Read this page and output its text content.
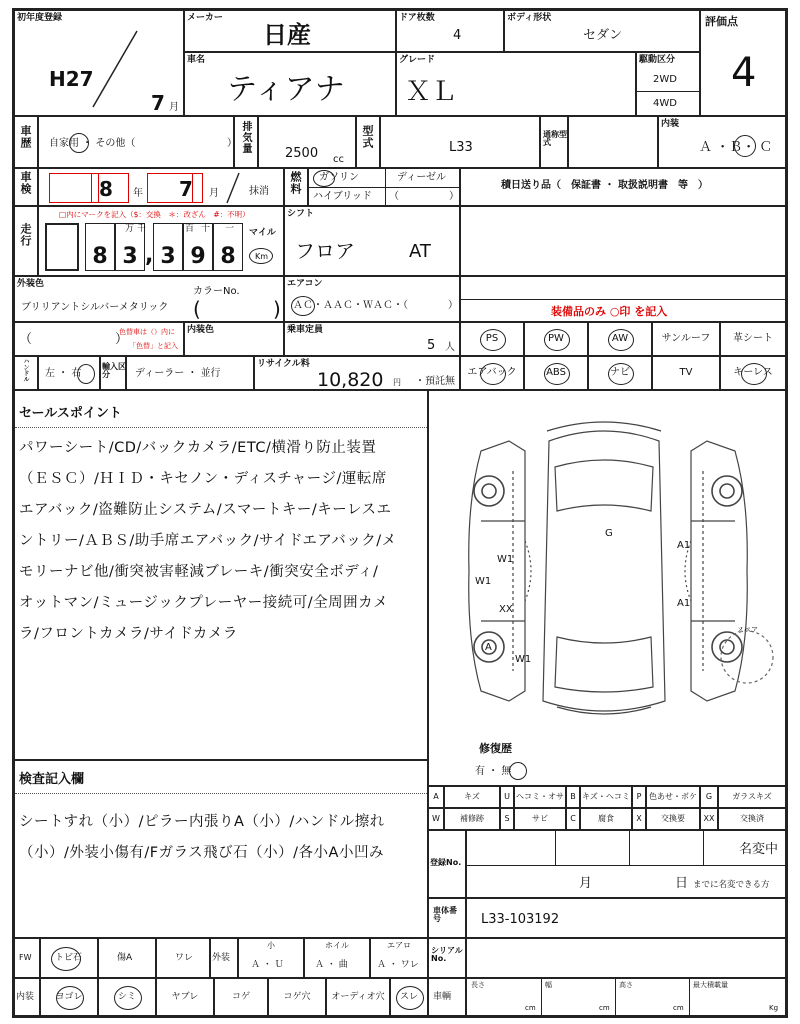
初年度登録
H27
7 月
メーカー
日産
ドア枚数
4
ボディ形状
セダン
評価点
4
車名
ティアナ
グレード
ＸＬ
駆動区分
2WD
4WD
車歴 自家用 ・ その他（	） 排気量	2500 cc
型式	L33
通称型式
内装
Ａ ・Ｂ・ Ｃ
車検	8 年 7 月	抹消 燃料 ガソリン	ディーゼル
ハイブリッド （　　　　　）
積日送り品（　保証書 ・ 取扱説明書　等　）
走行
□内にマークを記入（$：交換　＊：改ざん　#：不明）
8 3 3 9 8
万 千	百 十 一
,
マイル
Km
シフト
フロア	AT
外装色
ブリリアントシルバーメタリック
カラーNo.
(	)
エアコン
ＡＣ・ＡＡＣ・ＷＡＣ・（　　　　）	装備品のみ ○印 を記入
（	）
色替車は（）内に
「色替」と記入
内装色	乗車定員
5 人
PS	PW	AW	サンルーフ	革シート
エアバック	ABS	ナビ	TV	キーレス
ハンドル 左 ・ 右
輸入区分	ディーラー ・ 並行
リサイクル料
10,820 円 ・預託無
セールスポイント
パワーシート/CD/バックカメラ/ETC/横滑り防止装置
（ＥＳＣ）/ＨＩＤ・キセノン・ディスチャージ/運転席
エアバック/盗難防止システム/スマートキー/キーレスエ
ントリー/ＡＢＳ/助手席エアバック/サイドエアバック/メ
モリーナビ他/衝突被害軽減ブレーキ/衝突安全ボディ/
オットマン/ミュージックプレーヤー接続可/全周囲カメ
ラ/フロントカメラ/サイドカメラ
検査記入欄
シートすれ（小）/ピラー内張りA（小）/ハンドル擦れ
（小）/外装小傷有/Fガラス飛び石（小）/各小A小凹み
G
W1
W1
XX
A
W1
A1
A1
スペア
修復歴
有 ・ 無
A	キズ	U ヘコミ・オサ B キズ・ヘコミ P 色あせ・ボケ	G	ガラスキズ
W	補修跡	S	サビ	C	腐食	X	交換要	XX	交換済
登録No.
名変中
月	日 までに名変できる方
車体番号	L33-103192
FW	トビ石	傷A	ワレ 外装
小
Ａ ・ Ｕ
ホイル
Ａ ・ 曲
エアロ
Ａ ・ ワレ
シリアルNo.
内装	ヨゴレ	シミ	ヤブレ	コゲ	コゲ穴	オーディオ穴	スレ	車輌
長さ
cm
幅
cm
高さ
cm
最大積載量
Kg
